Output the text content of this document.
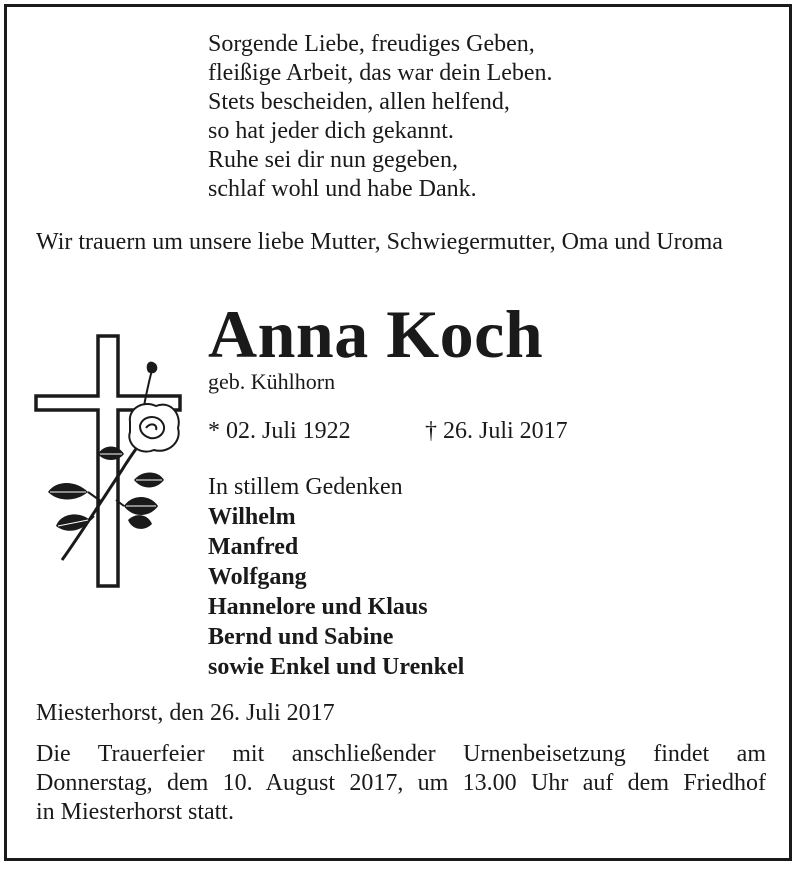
Sorgende Liebe, freudiges Geben,
fleißige Arbeit, das war dein Leben.
Stets bescheiden, allen helfend,
so hat jeder dich gekannt.
Ruhe sei dir nun gegeben,
schlaf wohl und habe Dank.
Wir trauern um unsere liebe Mutter, Schwiegermutter, Oma und Uroma
Anna Koch
geb. Kühlhorn
* 02. Juli 1922	† 26. Juli 2017
In stillem Gedenken
Wilhelm
Manfred
Wolfgang
Hannelore und Klaus
Bernd und Sabine
sowie Enkel und Urenkel
Miesterhorst, den 26. Juli 2017
Die Trauerfeier mit anschließender Urnenbeisetzung findet am
Donnerstag, dem 10. August 2017, um 13.00 Uhr auf dem Friedhof
in Miesterhorst statt.
